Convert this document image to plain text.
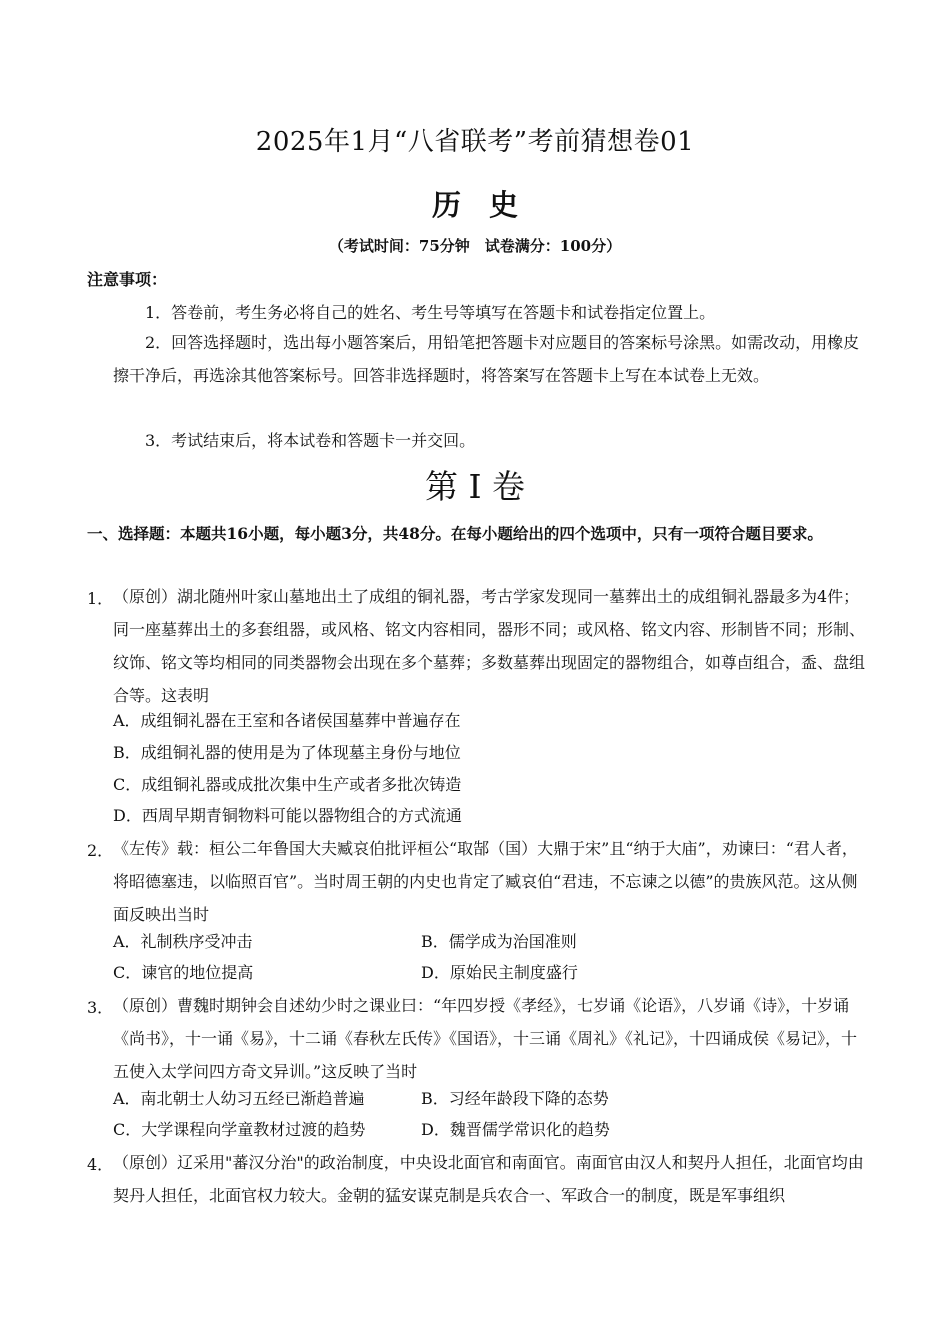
2025年1月“八省联考”考前猜想卷01
历史
（考试时间：75分钟　试卷满分：100分）
注意事项：
1．答卷前，考生务必将自己的姓名、考生号等填写在答题卡和试卷指定位置上。
2．回答选择题时，选出每小题答案后，用铅笔把答题卡对应题目的答案标号涂黑。如需改动，用橡皮擦干净后，再选涂其他答案标号。回答非选择题时，将答案写在答题卡上写在本试卷上无效。
3．考试结束后，将本试卷和答题卡一并交回。
第 I 卷
一、选择题：本题共16小题，每小题3分，共48分。在每小题给出的四个选项中，只有一项符合题目要求。
1． （原创）湖北随州叶家山墓地出土了成组的铜礼器，考古学家发现同一墓葬出土的成组铜礼器最多为4件；同一座墓葬出土的多套组器，或风格、铭文内容相同，器形不同；或风格、铭文内容、形制皆不同；形制、纹饰、铭文等均相同的同类器物会出现在多个墓葬；多数墓葬出现固定的器物组合，如尊卣组合，盉、盘组合等。这表明
A．成组铜礼器在王室和各诸侯国墓葬中普遍存在
B．成组铜礼器的使用是为了体现墓主身份与地位
C．成组铜礼器或成批次集中生产或者多批次铸造
D．西周早期青铜物料可能以器物组合的方式流通
2． 《左传》载：桓公二年鲁国大夫臧哀伯批评桓公“取郜（国）大鼎于宋”且“纳于大庙”，劝谏曰：“君人者，将昭德塞违，以临照百官”。当时周王朝的内史也肯定了臧哀伯“君违，不忘谏之以德”的贵族风范。这从侧面反映出当时
A．礼制秩序受冲击	B．儒学成为治国准则
C．谏官的地位提高	D．原始民主制度盛行
3． （原创）曹魏时期钟会自述幼少时之课业曰：“年四岁授《孝经》，七岁诵《论语》，八岁诵《诗》，十岁诵《尚书》，十一诵《易》，十二诵《春秋左氏传》《国语》，十三诵《周礼》《礼记》，十四诵成侯《易记》，十五使入太学问四方奇文异训。”这反映了当时
A．南北朝士人幼习五经已渐趋普遍	B．习经年龄段下降的态势
C．大学课程向学童教材过渡的趋势	D．魏晋儒学常识化的趋势
4． （原创）辽采用"蕃汉分治"的政治制度，中央设北面官和南面官。南面官由汉人和契丹人担任，北面官均由契丹人担任，北面官权力较大。金朝的猛安谋克制是兵农合一、军政合一的制度，既是军事组织
